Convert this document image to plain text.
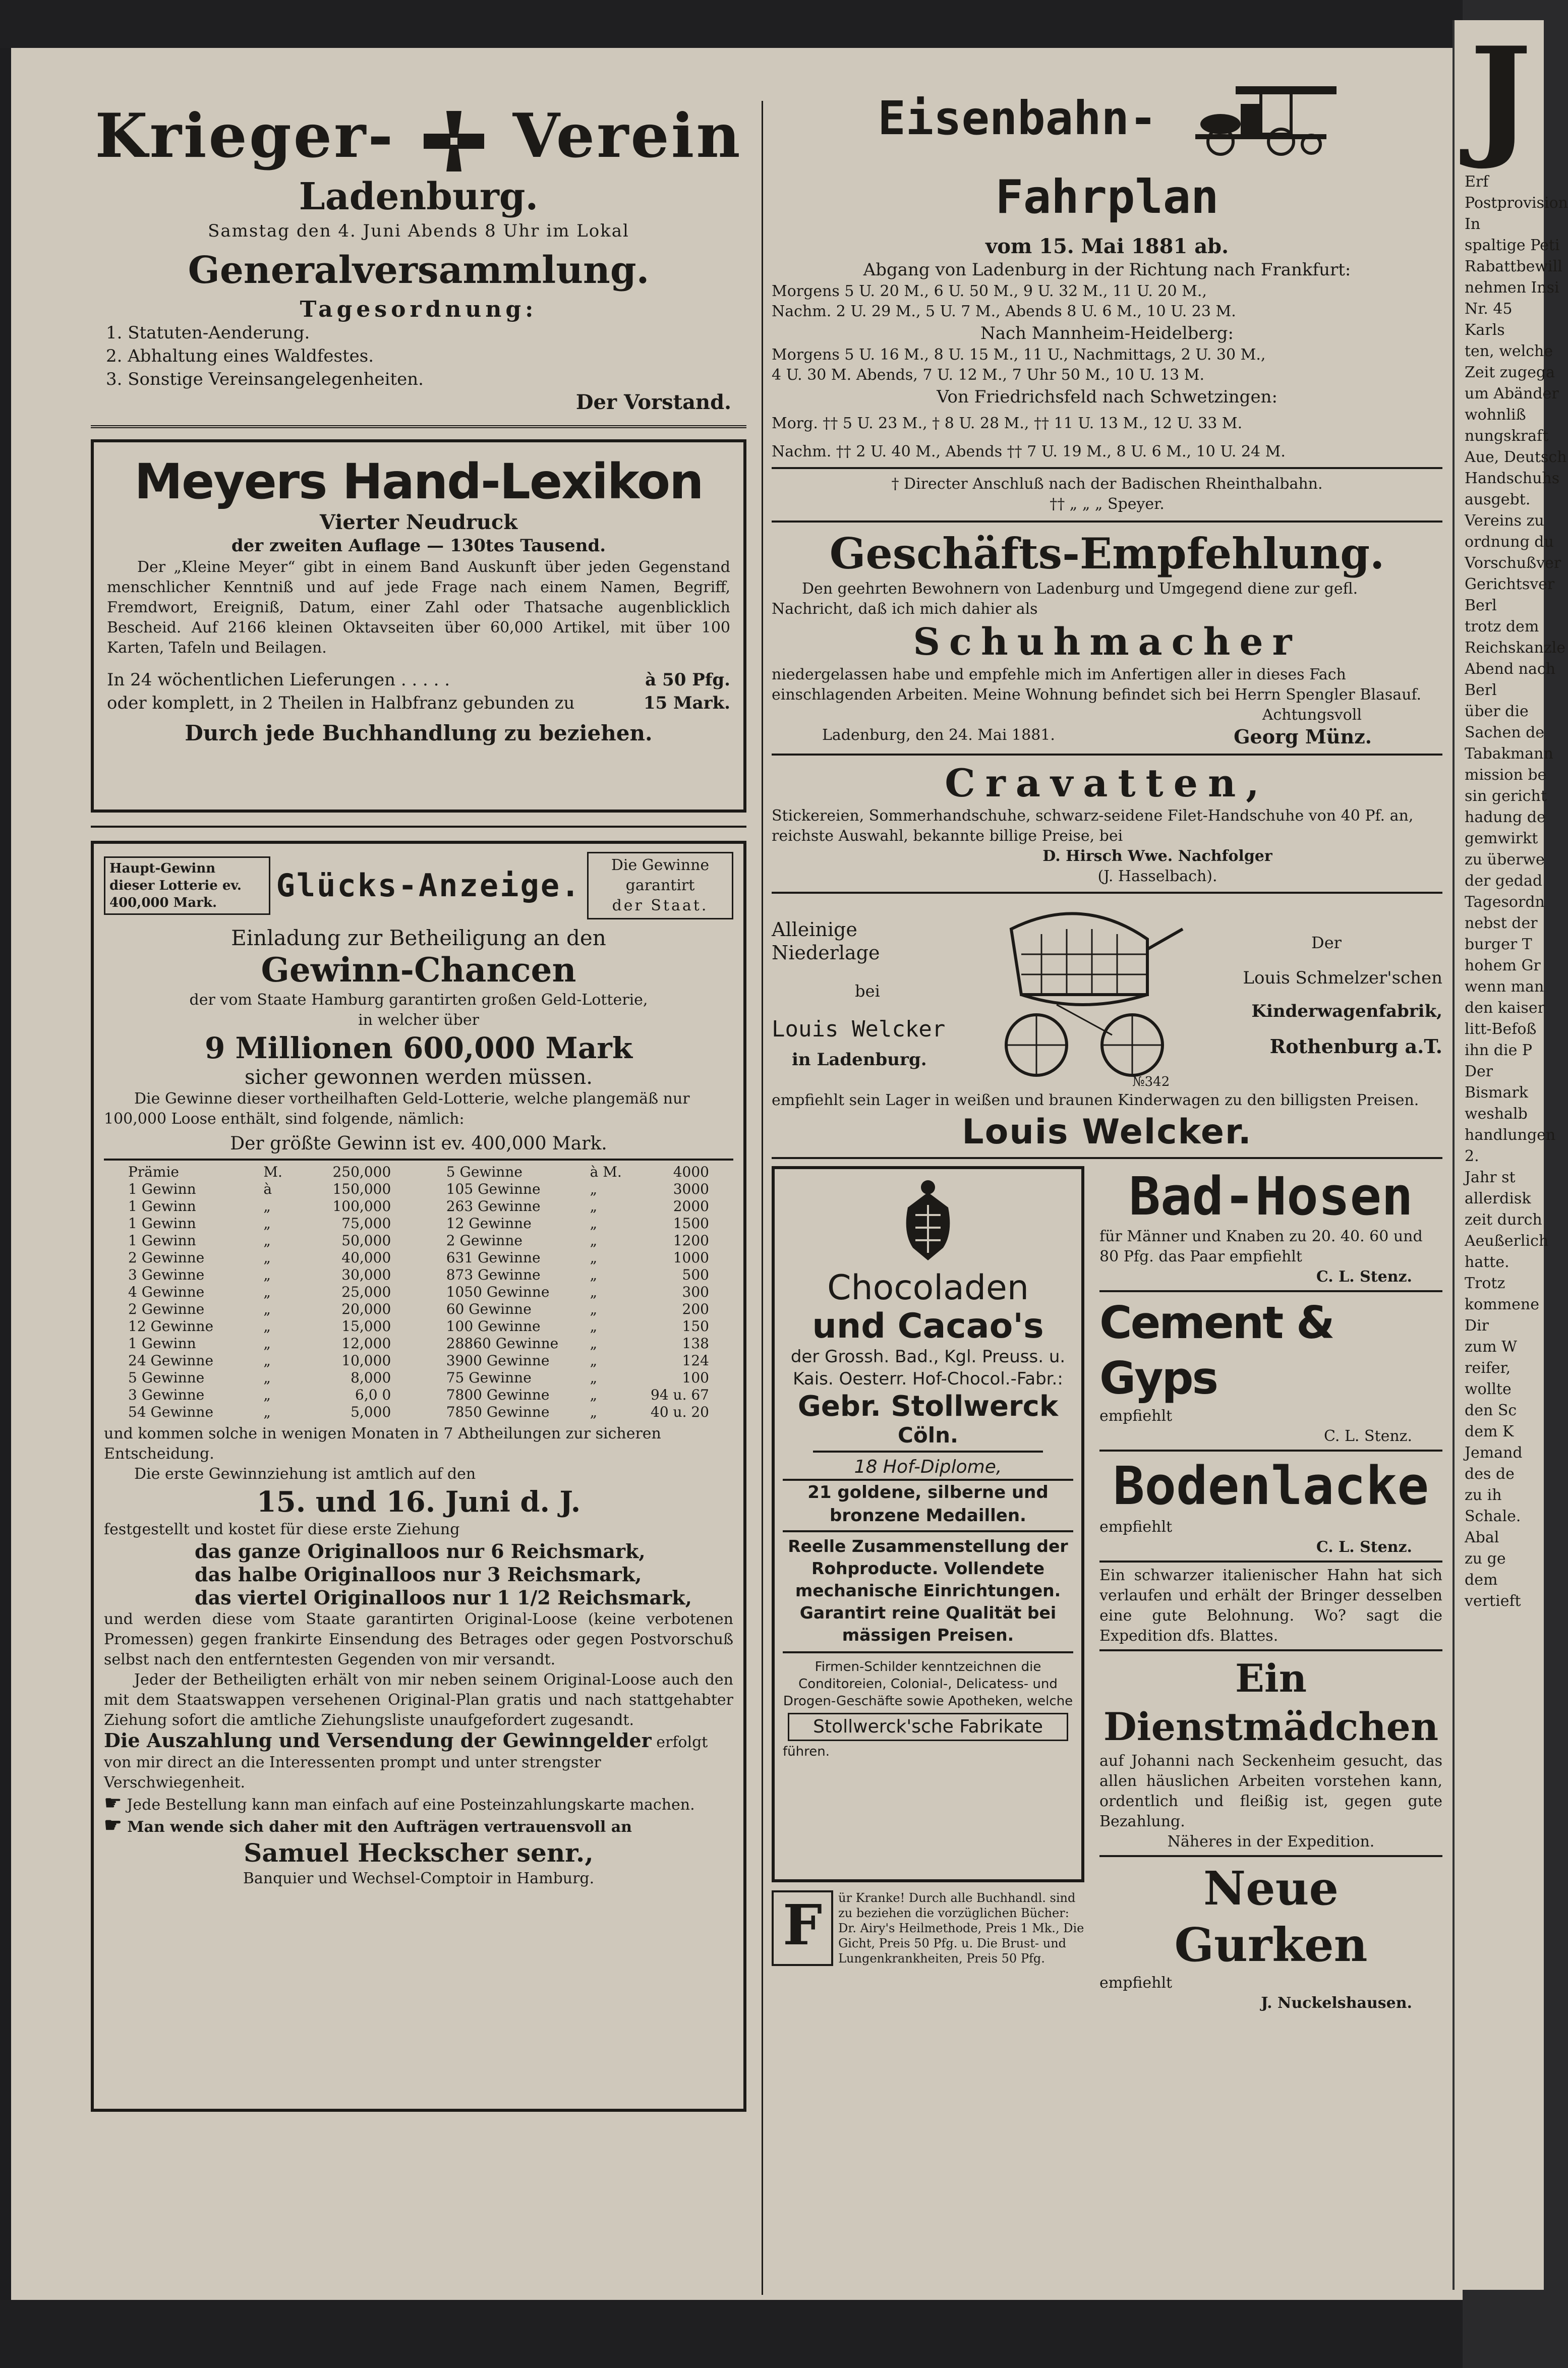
Krieger- Verein
Ladenburg.
Samstag den 4. Juni Abends 8 Uhr im Lokal
Generalversammlung.
Tagesordnung:
1. Statuten-Aenderung.
2. Abhaltung eines Waldfestes.
3. Sonstige Vereinsangelegenheiten.
Der Vorstand.
Meyers Hand-Lexikon
Vierter Neudruck
der zweiten Auflage — 130tes Tausend.
Der „Kleine Meyer“ gibt in einem Band Auskunft über jeden Gegenstand menschlicher Kenntniß und auf jede Frage nach einem Namen, Begriff, Fremdwort, Ereigniß, Datum, einer Zahl oder Thatsache augenblicklich Bescheid. Auf 2166 kleinen Oktavseiten über 60,000 Artikel, mit über 100 Karten, Tafeln und Beilagen.
In 24 wöchentlichen Lieferungen . . . . .	à 50 Pfg.
oder komplett, in 2 Theilen in Halbfranz gebunden zu	15 Mark.
Durch jede Buchhandlung zu beziehen.
Haupt-Gewinn
dieser Lotterie ev.
400,000 Mark.	Glücks-Anzeige.
Die Gewinne
garantirt
der Staat.
Einladung zur Betheiligung an den
Gewinn-Chancen
der vom Staate Hamburg garantirten großen Geld-Lotterie,
in welcher über
9 Millionen 600,000 Mark
sicher gewonnen werden müssen.
Die Gewinne dieser vortheilhaften Geld-Lotterie, welche plangemäß nur 100,000 Loose enthält, sind folgende, nämlich:
Der größte Gewinn ist ev. 400,000 Mark.
Prämie	M.	250,000
1 Gewinn	à	150,000
1 Gewinn	„	100,000
1 Gewinn	„	75,000
1 Gewinn	„	50,000
2 Gewinne	„	40,000
3 Gewinne	„	30,000
4 Gewinne	„	25,000
2 Gewinne	„	20,000
12 Gewinne	„	15,000
1 Gewinn	„	12,000
24 Gewinne	„	10,000
5 Gewinne	„	8,000
3 Gewinne	„	6,0 0
54 Gewinne	„	5,000
5 Gewinne	à M.	4000
105 Gewinne	„	3000
263 Gewinne	„	2000
12 Gewinne	„	1500
2 Gewinne	„	1200
631 Gewinne	„	1000
873 Gewinne	„	500
1050 Gewinne	„	300
60 Gewinne	„	200
100 Gewinne	„	150
28860 Gewinne	„	138
3900 Gewinne	„	124
75 Gewinne	„	100
7800 Gewinne	„	94 u. 67
7850 Gewinne	„	40 u. 20
und kommen solche in wenigen Monaten in 7 Abtheilungen zur sicheren Entscheidung.
Die erste Gewinnziehung ist amtlich auf den
15. und 16. Juni d. J.
festgestellt und kostet für diese erste Ziehung
das ganze Originalloos nur 6 Reichsmark,
das halbe Originalloos nur 3 Reichsmark,
das viertel Originalloos nur 1 1/2 Reichsmark,
und werden diese vom Staate garantirten Original-Loose (keine verbotenen Promessen) gegen frankirte Einsendung des Betrages oder gegen Postvorschuß selbst nach den entferntesten Gegenden von mir versandt.
Jeder der Betheiligten erhält von mir neben seinem Original-Loose auch den mit dem Staatswappen versehenen Original-Plan gratis und nach stattgehabter Ziehung sofort die amtliche Ziehungsliste unaufgefordert zugesandt.
Die Auszahlung und Versendung der Gewinngelder erfolgt von mir direct an die Interessenten prompt und unter strengster Verschwiegenheit.
☛ Jede Bestellung kann man einfach auf eine Posteinzahlungskarte machen.
☛ Man wende sich daher mit den Aufträgen vertrauensvoll an
Samuel Heckscher senr.,
Banquier und Wechsel-Comptoir in Hamburg.
Eisenbahn-  Fahrplan
vom 15. Mai 1881 ab.
Abgang von Ladenburg in der Richtung nach Frankfurt:
Morgens 5 U. 20 M., 6 U. 50 M., 9 U. 32 M., 11 U. 20 M.,
Nachm. 2 U. 29 M., 5 U. 7 M., Abends 8 U. 6 M., 10 U. 23 M.
Nach Mannheim-Heidelberg:
Morgens 5 U. 16 M., 8 U. 15 M., 11 U., Nachmittags, 2 U. 30 M.,
4 U. 30 M. Abends, 7 U. 12 M., 7 Uhr 50 M., 10 U. 13 M.
Von Friedrichsfeld nach Schwetzingen:
Morg. †† 5 U. 23 M., † 8 U. 28 M., †† 11 U. 13 M., 12 U. 33 M.
Nachm. †† 2 U. 40 M., Abends †† 7 U. 19 M., 8 U. 6 M., 10 U. 24 M.
† Directer Anschluß nach der Badischen Rheinthalbahn.
†† „ „ „ Speyer.
Geschäfts-Empfehlung.
Den geehrten Bewohnern von Ladenburg und Umgegend diene zur gefl. Nachricht, daß ich mich dahier als
Schuhmacher
niedergelassen habe und empfehle mich im Anfertigen aller in dieses Fach einschlagenden Arbeiten. Meine Wohnung befindet sich bei Herrn Spengler Blasauf.
Achtungsvoll
Ladenburg, den 24. Mai 1881.	Georg Münz.
Cravatten,
Stickereien, Sommerhandschuhe, schwarz-seidene Filet-Handschuhe von 40 Pf. an, reichste Auswahl, bekannte billige Preise, bei
D. Hirsch Wwe. Nachfolger
(J. Hasselbach).
Alleinige Niederlage
bei
Louis Welcker
in Ladenburg.
№342
Der
Louis Schmelzer'schen
Kinderwagenfabrik,
Rothenburg a.T.
empfiehlt sein Lager in weißen und braunen Kinderwagen zu den billigsten Preisen.
Louis Welcker.
Chocoladen
und Cacao's
der Grossh. Bad., Kgl. Preuss. u.
Kais. Oesterr. Hof-Chocol.-Fabr.:
Gebr. Stollwerck
Cöln.
18 Hof-Diplome,
21 goldene, silberne und
bronzene Medaillen.
Reelle Zusammenstellung der Rohproducte. Vollendete mechanische Einrichtungen. Garantirt reine Qualität bei mässigen Preisen.
Firmen-Schilder kenntzeichnen die Conditoreien, Colonial-, Delicatess- und Drogen-Geschäfte sowie Apotheken, welche
Stollwerck'sche Fabrikate
führen.
F	ür Kranke! Durch alle Buchhandl. sind zu beziehen die vorzüglichen Bücher: Dr. Airy's Heilmethode, Preis 1 Mk., Die Gicht, Preis 50 Pfg. u. Die Brust- und Lungenkrankheiten, Preis 50 Pfg.
Bad-Hosen
für Männer und Knaben zu 20. 40. 60 und 80 Pfg. das Paar empfiehlt
C. L. Stenz.
Cement & Gyps
empfiehlt
C. L. Stenz.
Bodenlacke
empfiehlt
C. L. Stenz.
Ein schwarzer italienischer Hahn hat sich verlaufen und erhält der Bringer desselben eine gute Belohnung. Wo? sagt die Expedition dfs. Blattes.
Ein Dienstmädchen
auf Johanni nach Seckenheim gesucht, das allen häuslichen Arbeiten vorstehen kann, ordentlich und fleißig ist, gegen gute Bezahlung.
Näheres in der Expedition.
Neue Gurken
empfiehlt
J. Nuckelshausen.
J
Erf
Postprovision
In
spaltige Peti
Rabattbewill
nehmen Insi
Nr. 45
Karls
ten, welche
Zeit zugega
um Abänder
wohnliß
nungskraft
Aue, Deutsch
Handschuhs
ausgebt.
Vereins zu
ordnung du
Vorschußver
Gerichtsver
Berl
trotz dem
Reichskanzle
Abend nach
Berl
über die
Sachen de
Tabakmann
mission be
sin gericht
hadung de
gemwirkt
zu überwe
der gedad
Tagesordn
nebst der
burger T
hohem Gr
wenn man
den kaiser
litt-Befoß
ihn die P
Der
Bismark
weshalb
handlungen
2.
Jahr st
allerdisk
zeit durch
Aeußerlich
hatte.
Trotz
kommene
Dir
zum W
reifer,
wollte
den Sc
dem K
Jemand
des de
zu ih
Schale.
Abal
zu ge
dem
vertieft
